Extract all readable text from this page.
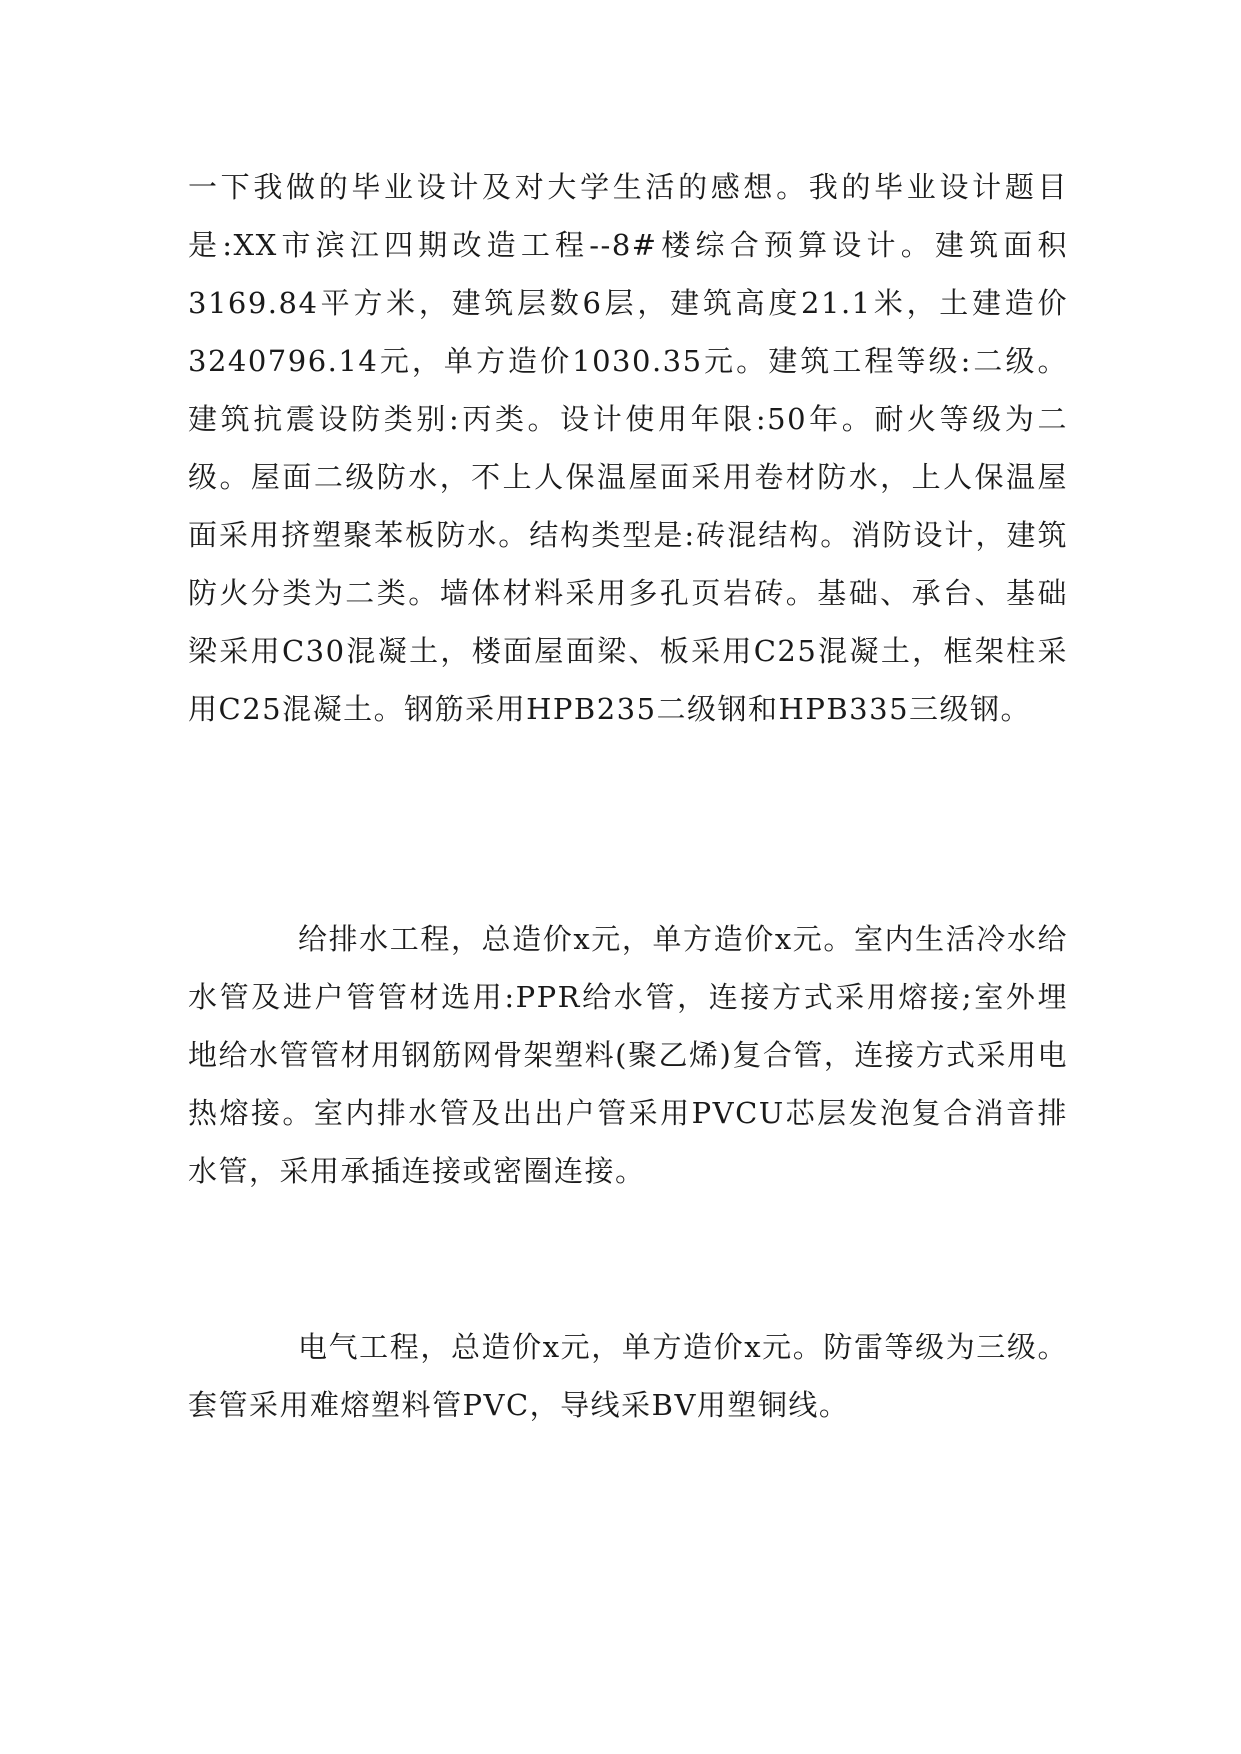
一下我做的毕业设计及对大学生活的感想。我的毕业设计题目是:XX市滨江四期改造工程--8#楼综合预算设计。建筑面积3169.84平方米，建筑层数6层，建筑高度21.1米，土建造价3240796.14元，单方造价1030.35元。建筑工程等级:二级。建筑抗震设防类别:丙类。设计使用年限:50年。耐火等级为二级。屋面二级防水，不上人保温屋面采用卷材防水，上人保温屋面采用挤塑聚苯板防水。结构类型是:砖混结构。消防设计，建筑防火分类为二类。墙体材料采用多孔页岩砖。基础、承台、基础梁采用C30混凝土，楼面屋面梁、板采用C25混凝土，框架柱采用C25混凝土。钢筋采用HPB235二级钢和HPB335三级钢。

给排水工程，总造价x元，单方造价x元。室内生活冷水给水管及进户管管材选用:PPR给水管，连接方式采用熔接;室外埋地给水管管材用钢筋网骨架塑料(聚乙烯)复合管，连接方式采用电热熔接。室内排水管及出出户管采用PVCU芯层发泡复合消音排水管，采用承插连接或密圈连接。

电气工程，总造价x元，单方造价x元。防雷等级为三级。 套管采用难熔塑料管PVC，导线采BV用塑铜线。
